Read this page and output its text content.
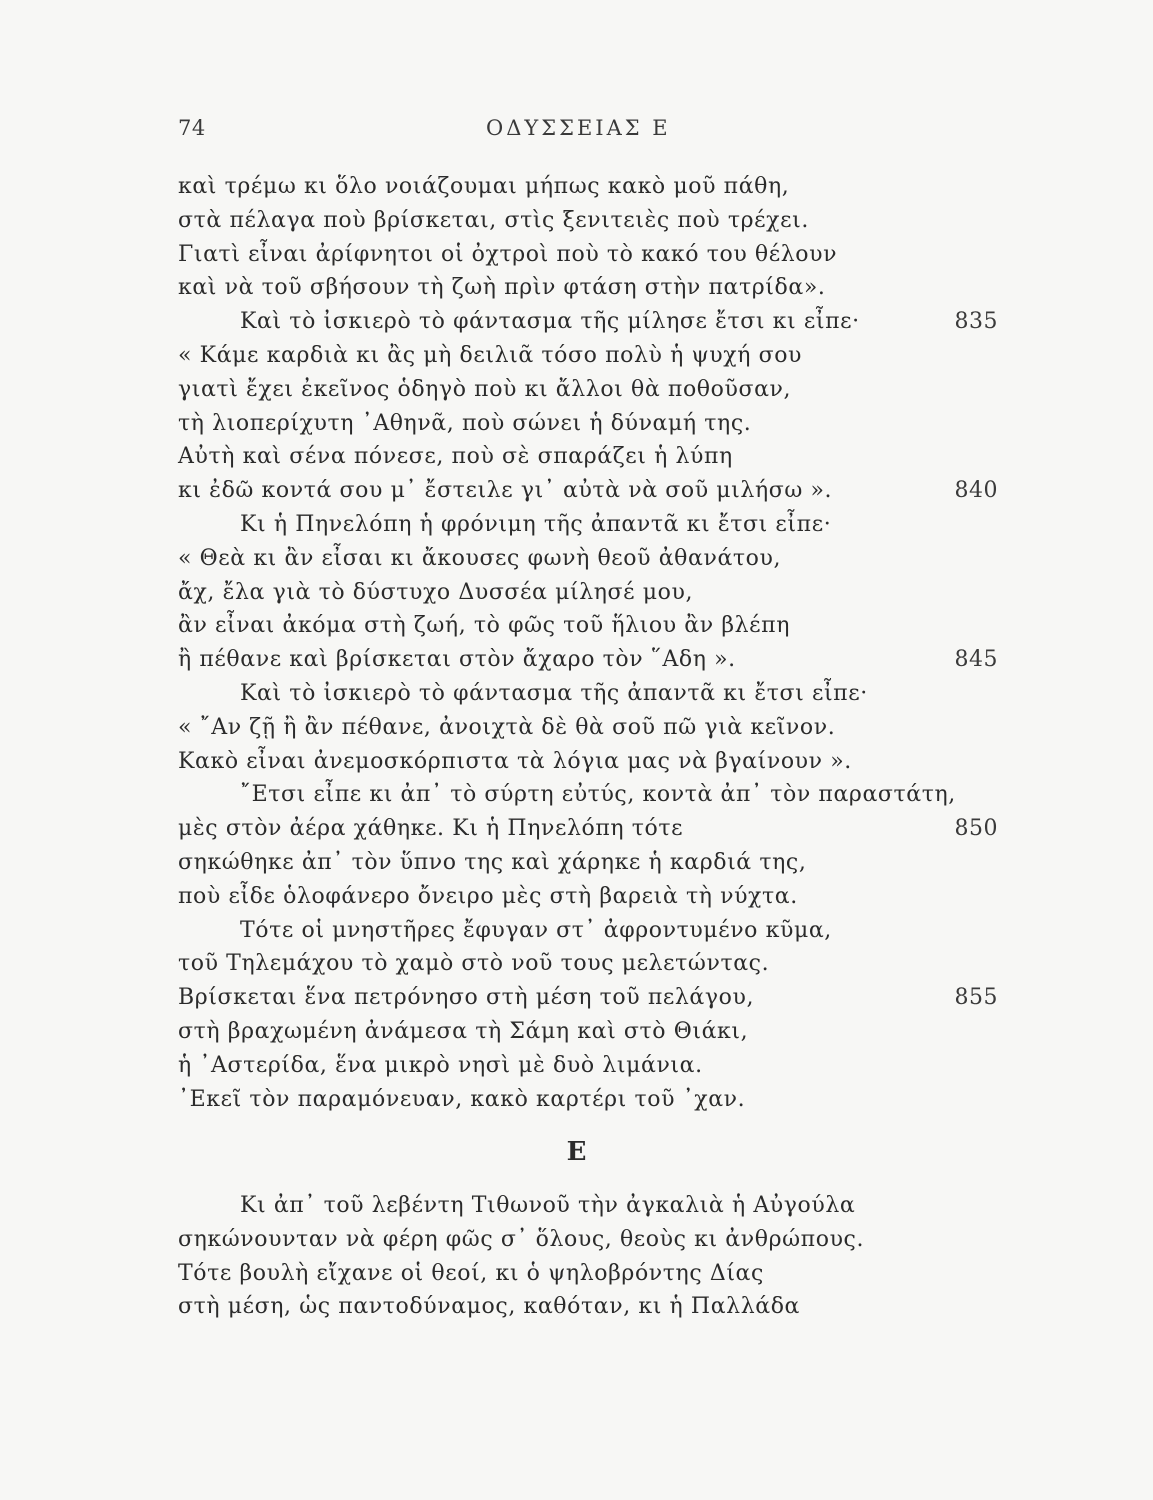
74	ΟΔΥΣΣΕΙΑΣ Ε
καὶ τρέμω κι ὅλο νοιάζουμαι μήπως κακὸ μοῦ πάθη,
στὰ πέλαγα ποὺ βρίσκεται, στὶς ξενιτειὲς ποὺ τρέχει.
Γιατὶ εἶναι ἀρίφνητοι οἱ ὀχτροὶ ποὺ τὸ κακό του θέλουν
καὶ νὰ τοῦ σβήσουν τὴ ζωὴ πρὶν φτάση στὴν πατρίδα».
Καὶ τὸ ἰσκιερὸ τὸ φάντασμα τῆς μίλησε ἔτσι κι εἶπε·	835
« Κάμε καρδιὰ κι ἂς μὴ δειλιᾶ τόσο πολὺ ἡ ψυχή σου
γιατὶ ἔχει ἐκεῖνος ὁδηγὸ ποὺ κι ἄλλοι θὰ ποθοῦσαν,
τὴ λιοπερίχυτη ᾿Αθηνᾶ, ποὺ σώνει ἡ δύναμή της.
Αὐτὴ καὶ σένα πόνεσε, ποὺ σὲ σπαράζει ἡ λύπη
κι ἐδῶ κοντά σου μ᾿ ἔστειλε γι᾿ αὐτὰ νὰ σοῦ μιλήσω ».	840
Κι ἡ Πηνελόπη ἡ φρόνιμη τῆς ἀπαντᾶ κι ἔτσι εἶπε·
« Θεὰ κι ἂν εἶσαι κι ἄκουσες φωνὴ θεοῦ ἀθανάτου,
ἄχ, ἔλα γιὰ τὸ δύστυχο Δυσσέα μίλησέ μου,
ἂν εἶναι ἀκόμα στὴ ζωή, τὸ φῶς τοῦ ἥλιου ἂν βλέπη
ἢ πέθανε καὶ βρίσκεται στὸν ἄχαρο τὸν ῞Αδη ».	845
Καὶ τὸ ἰσκιερὸ τὸ φάντασμα τῆς ἀπαντᾶ κι ἔτσι εἶπε·
« ῎Αν ζῇ ἢ ἂν πέθανε, ἀνοιχτὰ δὲ θὰ σοῦ πῶ γιὰ κεῖνον.
Κακὸ εἶναι ἀνεμοσκόρπιστα τὰ λόγια μας νὰ βγαίνουν ».
῎Ετσι εἶπε κι ἀπ᾿ τὸ σύρτη εὐτύς, κοντὰ ἀπ᾿ τὸν παραστάτη,
μὲς στὸν ἀέρα χάθηκε. Κι ἡ Πηνελόπη τότε	850
σηκώθηκε ἀπ᾿ τὸν ὕπνο της καὶ χάρηκε ἡ καρδιά της,
ποὺ εἶδε ὁλοφάνερο ὄνειρο μὲς στὴ βαρειὰ τὴ νύχτα.
Τότε οἱ μνηστῆρες ἔφυγαν στ᾿ ἀφροντυμένο κῦμα,
τοῦ Τηλεμάχου τὸ χαμὸ στὸ νοῦ τους μελετώντας.
Βρίσκεται ἕνα πετρόνησο στὴ μέση τοῦ πελάγου,	855
στὴ βραχωμένη ἀνάμεσα τὴ Σάμη καὶ στὸ Θιάκι,
ἡ ᾿Αστερίδα, ἕνα μικρὸ νησὶ μὲ δυὸ λιμάνια.
᾿Εκεῖ τὸν παραμόνευαν, κακὸ καρτέρι τοῦ ᾿χαν.
Ε
Κι ἀπ᾿ τοῦ λεβέντη Τιθωνοῦ τὴν ἀγκαλιὰ ἡ Αὐγούλα
σηκώνουνταν νὰ φέρη φῶς σ᾿ ὅλους, θεοὺς κι ἀνθρώπους.
Τότε βουλὴ εἴχανε οἱ θεοί, κι ὁ ψηλοβρόντης Δίας
στὴ μέση, ὡς παντοδύναμος, καθόταν, κι ἡ Παλλάδα
